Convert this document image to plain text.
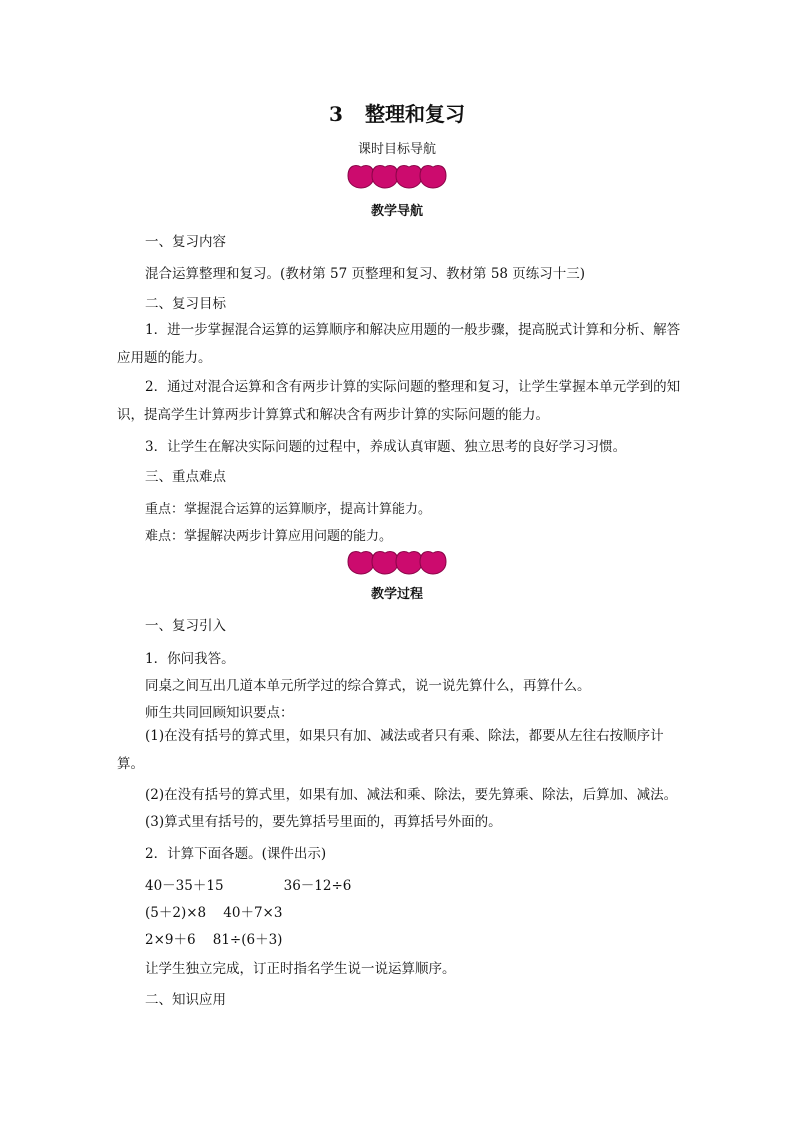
3 整理和复习
课时目标导航
教学导航
一、复习内容
混合运算整理和复习。(教材第 57 页整理和复习、教材第 58 页练习十三)
二、复习目标
1．进一步掌握混合运算的运算顺序和解决应用题的一般步骤，提高脱式计算和分析、解答应用题的能力。
2．通过对混合运算和含有两步计算的实际问题的整理和复习，让学生掌握本单元学到的知识，提高学生计算两步计算算式和解决含有两步计算的实际问题的能力。
3．让学生在解决实际问题的过程中，养成认真审题、独立思考的良好学习习惯。
三、重点难点
重点：掌握混合运算的运算顺序，提高计算能力。
难点：掌握解决两步计算应用问题的能力。
教学过程
一、复习引入
1．你问我答。
同桌之间互出几道本单元所学过的综合算式，说一说先算什么，再算什么。
师生共同回顾知识要点：
(1)在没有括号的算式里，如果只有加、减法或者只有乘、除法，都要从左往右按顺序计算。
(2)在没有括号的算式里，如果有加、减法和乘、除法，要先算乘、除法，后算加、减法。
(3)算式里有括号的，要先算括号里面的，再算括号外面的。
2．计算下面各题。(课件出示)
40－35＋15              36－12÷6
(5＋2)×8    40＋7×3
2×9＋6    81÷(6＋3)
让学生独立完成，订正时指名学生说一说运算顺序。
二、知识应用
